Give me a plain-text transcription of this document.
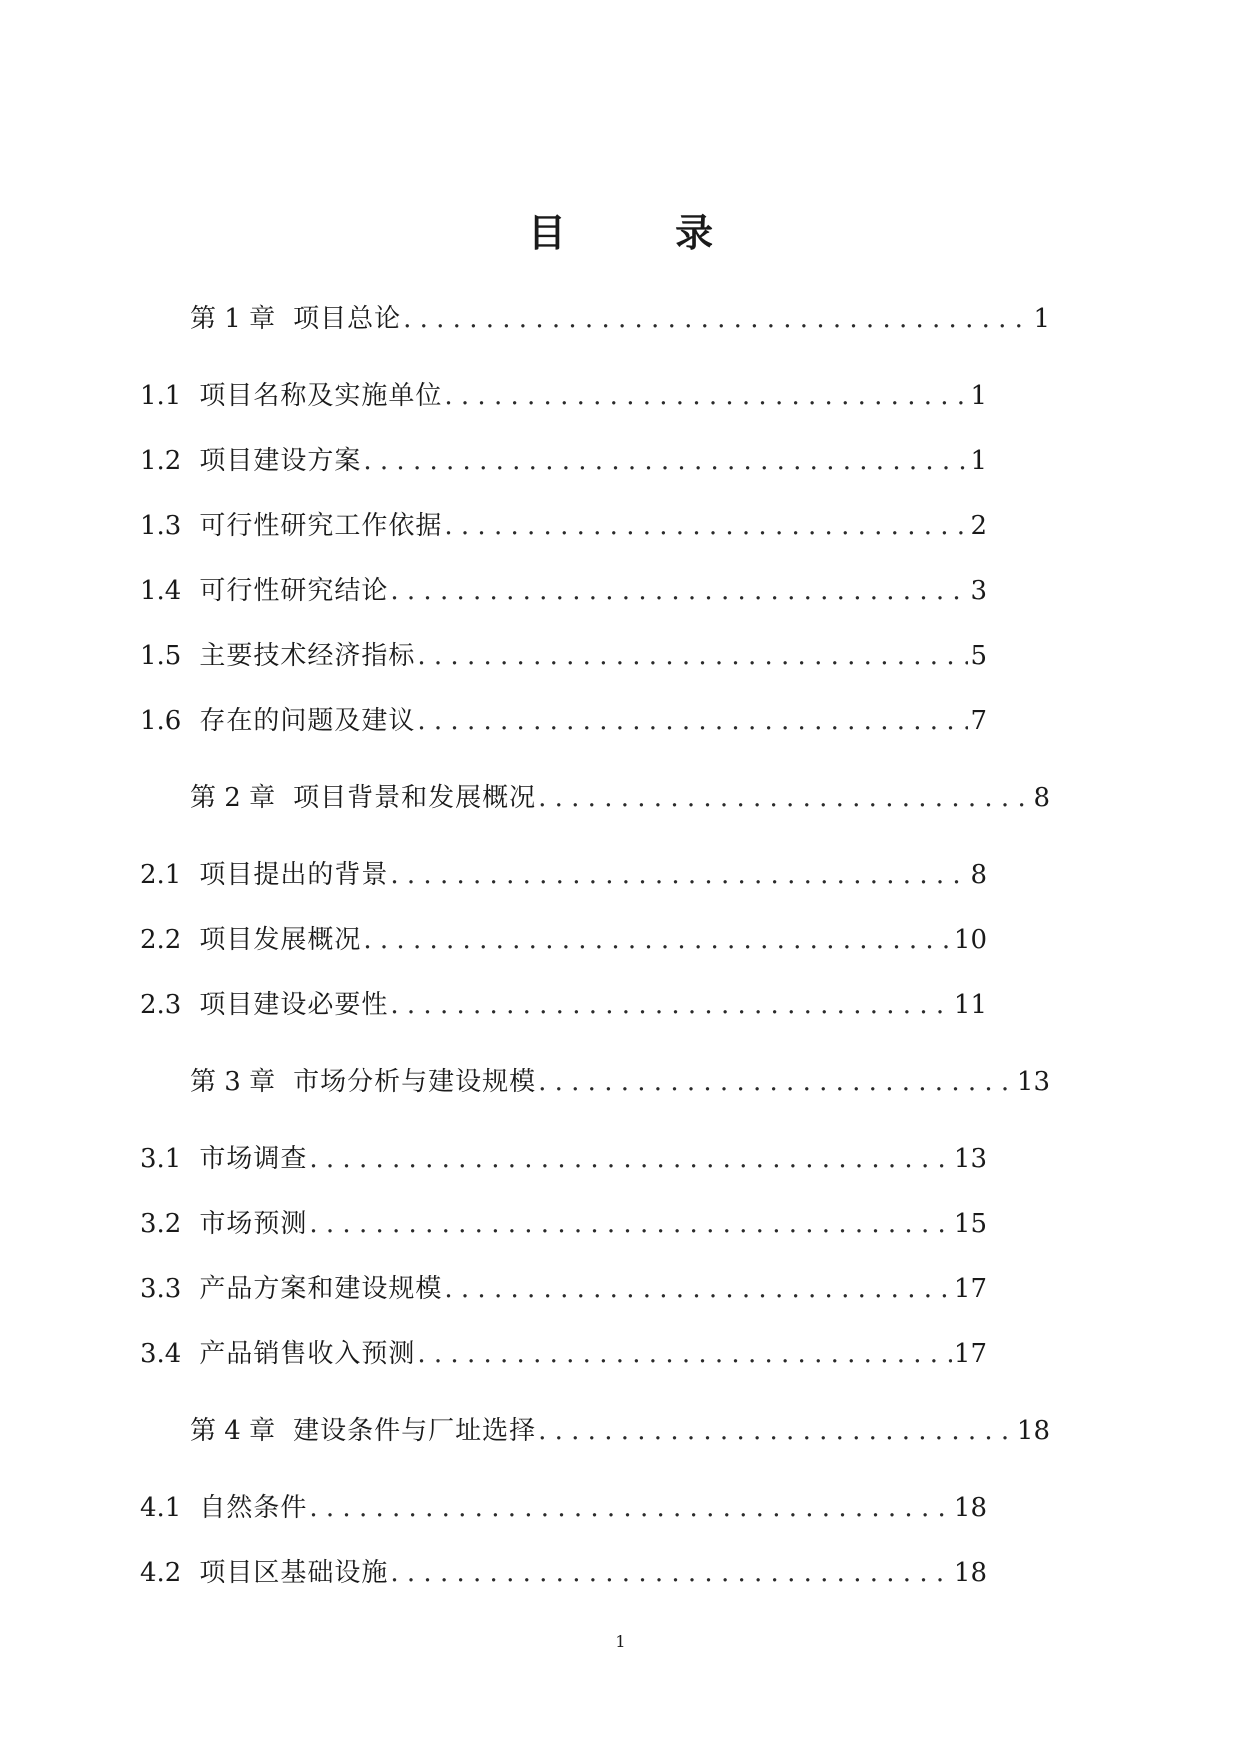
目 录
第 1 章 项目总论 . . .	1
1.1 项目名称及实施单位 . . .	1
1.2 项目建设方案 . . .	1
1.3 可行性研究工作依据 . . .	2
1.4 可行性研究结论 . . .	3
1.5 主要技术经济指标 . . .	5
1.6 存在的问题及建议 . . .	7
第 2 章 项目背景和发展概况 . . .	8
2.1 项目提出的背景 . . .	8
2.2 项目发展概况 . . .	10
2.3 项目建设必要性 . . .	11
第 3 章 市场分析与建设规模 . . .	13
3.1 市场调查 . . .	13
3.2 市场预测 . . .	15
3.3 产品方案和建设规模 . . .	17
3.4 产品销售收入预测 . . .	17
第 4 章 建设条件与厂址选择 . . .	18
4.1 自然条件 . . .	18
4.2 项目区基础设施 . . .	18
1
